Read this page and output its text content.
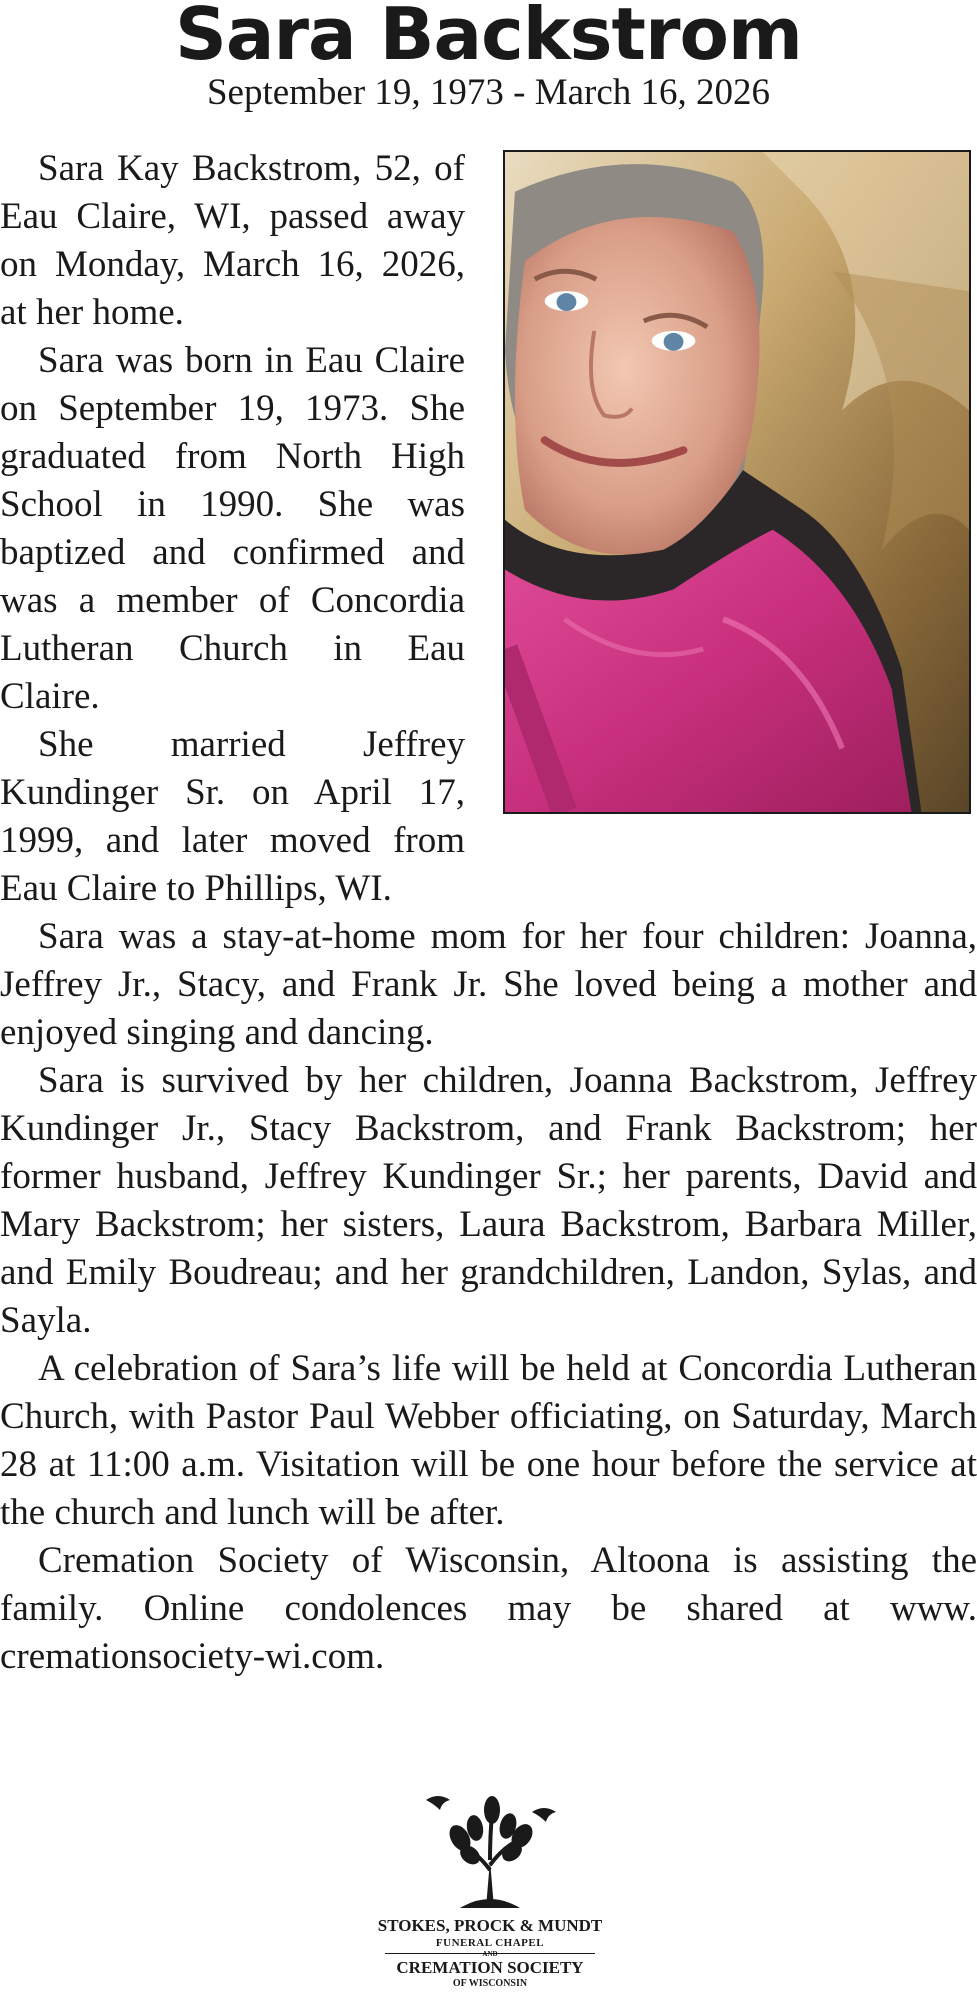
Sara Backstrom
September 19, 1973 - March 16, 2026

Sara Kay Backstrom, 52, of Eau Claire, WI, passed away on Monday, March 16, 2026, at her home.

Sara was born in Eau Claire on September 19, 1973. She graduated from North High School in 1990. She was baptized and confirmed and was a member of Concordia Lutheran Church in Eau Claire.

She married Jeffrey Kundinger Sr. on April 17, 1999, and later moved from Eau Claire to Phillips, WI.

Sara was a stay-at-home mom for her four children: Joanna, Jeffrey Jr., Stacy, and Frank Jr. She loved being a mother and enjoyed singing and dancing.

Sara is survived by her children, Joanna Backstrom, Jeffrey Kundinger Jr., Stacy Backstrom, and Frank Backstrom; her former husband, Jeffrey Kundinger Sr.; her parents, David and Mary Backstrom; her sisters, Laura Backstrom, Barbara Miller, and Emily Boudreau; and her grandchildren, Landon, Sylas, and Sayla.

A celebration of Sara’s life will be held at Concordia Lutheran Church, with Pastor Paul Webber officiating, on Saturday, March 28 at 11:00 a.m. Visitation will be one hour before the service at the church and lunch will be after.

Cremation Society of Wisconsin, Altoona is assisting the family. Online condolences may be shared at www. cremationsociety-wi.com.

STOKES, PROCK & MUNDT
FUNERAL CHAPEL
AND
CREMATION SOCIETY
OF WISCONSIN
